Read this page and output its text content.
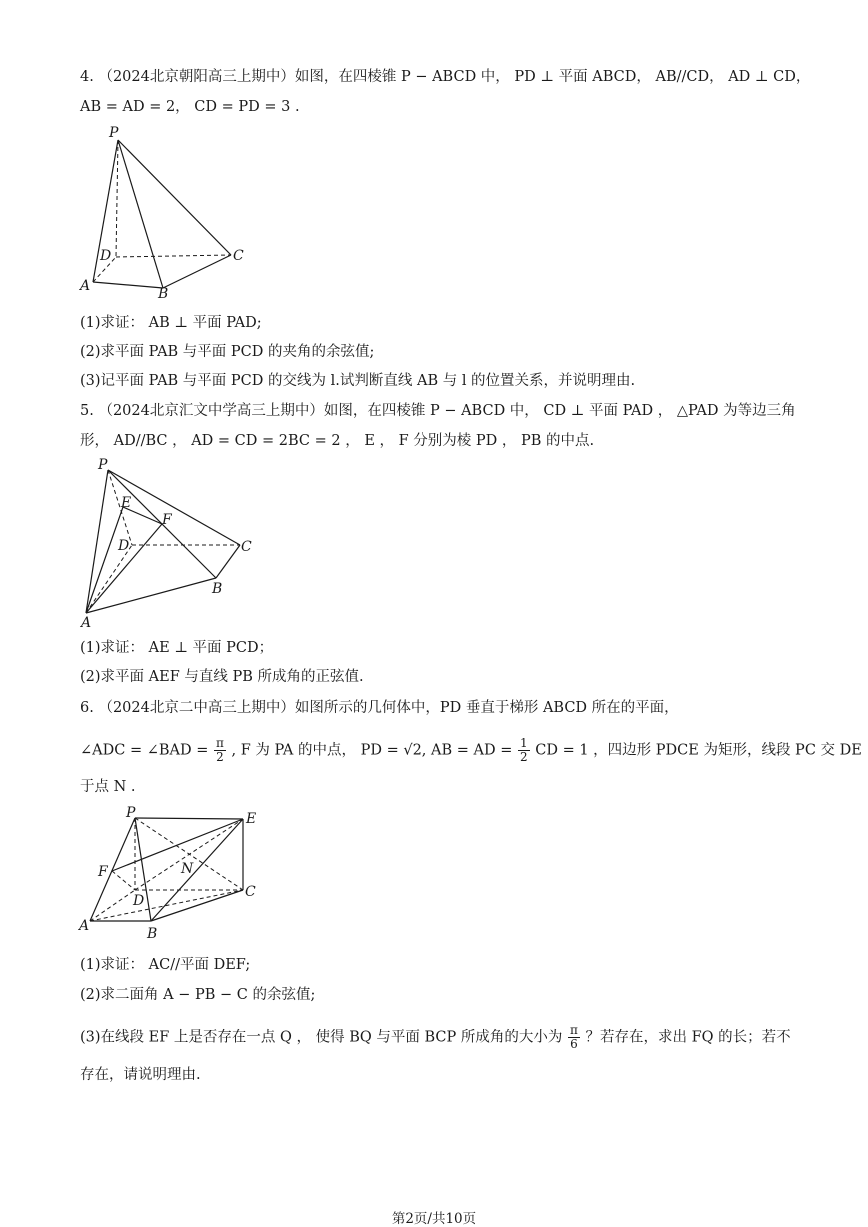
4. （2024北京朝阳高三上期中）如图，在四棱锥 P − ABCD 中， PD ⊥ 平面 ABCD， AB//CD， AD ⊥ CD，
AB = AD = 2， CD = PD = 3 .
P
D	C
A	B
(1)求证： AB ⊥ 平面 PAD;
(2)求平面 PAB 与平面 PCD 的夹角的余弦值;
(3)记平面 PAB 与平面 PCD 的交线为 l.试判断直线 AB 与 l 的位置关系，并说明理由.
5. （2024北京汇文中学高三上期中）如图，在四棱锥 P − ABCD 中， CD ⊥ 平面 PAD ， △PAD 为等边三角
形， AD//BC ， AD = CD = 2BC = 2 ， E ， F 分别为棱 PD ， PB 的中点.
P
E
F
D	C
B
A
(1)求证： AE ⊥ 平面 PCD；
(2)求平面 AEF 与直线 PB 所成角的正弦值.
6. （2024北京二中高三上期中）如图所示的几何体中，PD 垂直于梯形 ABCD 所在的平面，
∠ADC = ∠BAD = $\frac{\pi}{2}$ , F 为 PA 的中点， PD = √2, AB = AD = $\frac{1}{2}$ CD = 1 ，四边形 PDCE 为矩形，线段 PC 交 DE
于点 N .
P	E
F	N
D
C
A	B
(1)求证： AC//平面 DEF;
(2)求二面角 A − PB − C 的余弦值;
(3)在线段 EF 上是否存在一点 Q ， 使得 BQ 与平面 BCP 所成角的大小为 $\frac{\pi}{6}$ ？若存在，求出 FQ 的长；若不
存在，请说明理由.
第2页/共10页
